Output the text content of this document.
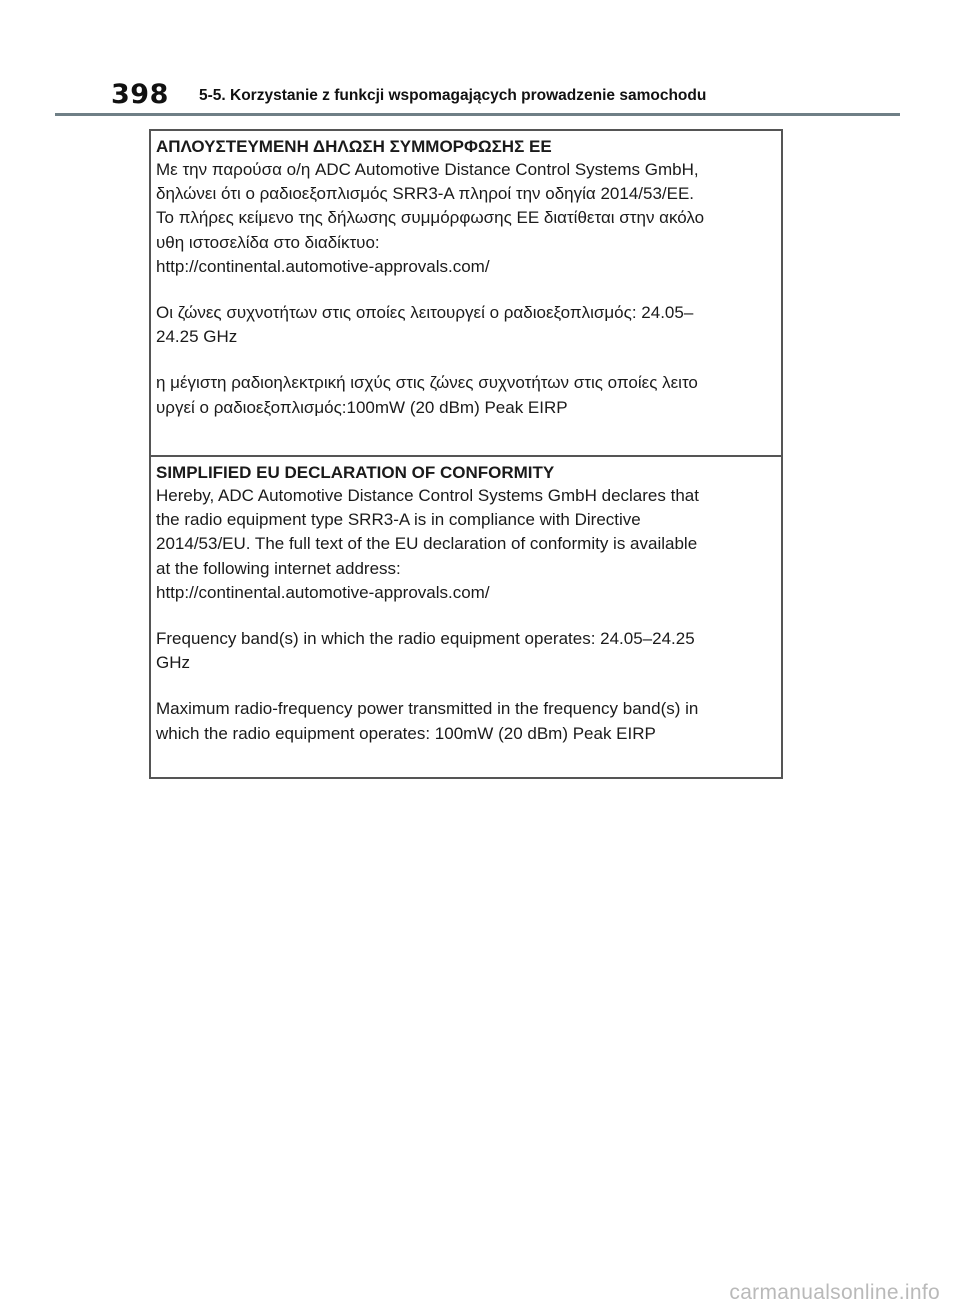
398 5-5. Korzystanie z funkcji wspomagających prowadzenie samochodu
ΑΠΛΟΥΣΤΕΥΜΕΝΗ ΔΗΛΩΣΗ ΣΥΜΜΟΡΦΩΣΗΣ ΕΕ

Με την παρούσα ο/η ADC Automotive Distance Control Systems GmbH,
δηλώνει ότι ο ραδιοεξοπλισμός SRR3-A πληροί την οδηγία 2014/53/EE.
Το πλήρες κείμενο της δήλωσης συμμόρφωσης ΕΕ διατίθεται στην ακόλο
υθη ιστοσελίδα στο διαδίκτυο:
http://continental.automotive-approvals.com/

Οι ζώνες συχνοτήτων στις οποίες λειτουργεί ο ραδιοεξοπλισμός: 24.05–
24.25 GHz

η μέγιστη ραδιοηλεκτρική ισχύς στις ζώνες συχνοτήτων στις οποίες λειτο
υργεί ο ραδιοεξοπλισμός:100mW (20 dBm) Peak EIRP

SIMPLIFIED EU DECLARATION OF CONFORMITY

Hereby, ADC Automotive Distance Control Systems GmbH declares that
the radio equipment type SRR3-A is in compliance with Directive
2014/53/EU. The full text of the EU declaration of conformity is available
at the following internet address:
http://continental.automotive-approvals.com/

Frequency band(s) in which the radio equipment operates: 24.05–24.25
GHz

Maximum radio-frequency power transmitted in the frequency band(s) in
which the radio equipment operates: 100mW (20 dBm) Peak EIRP

carmanualsonline.info
